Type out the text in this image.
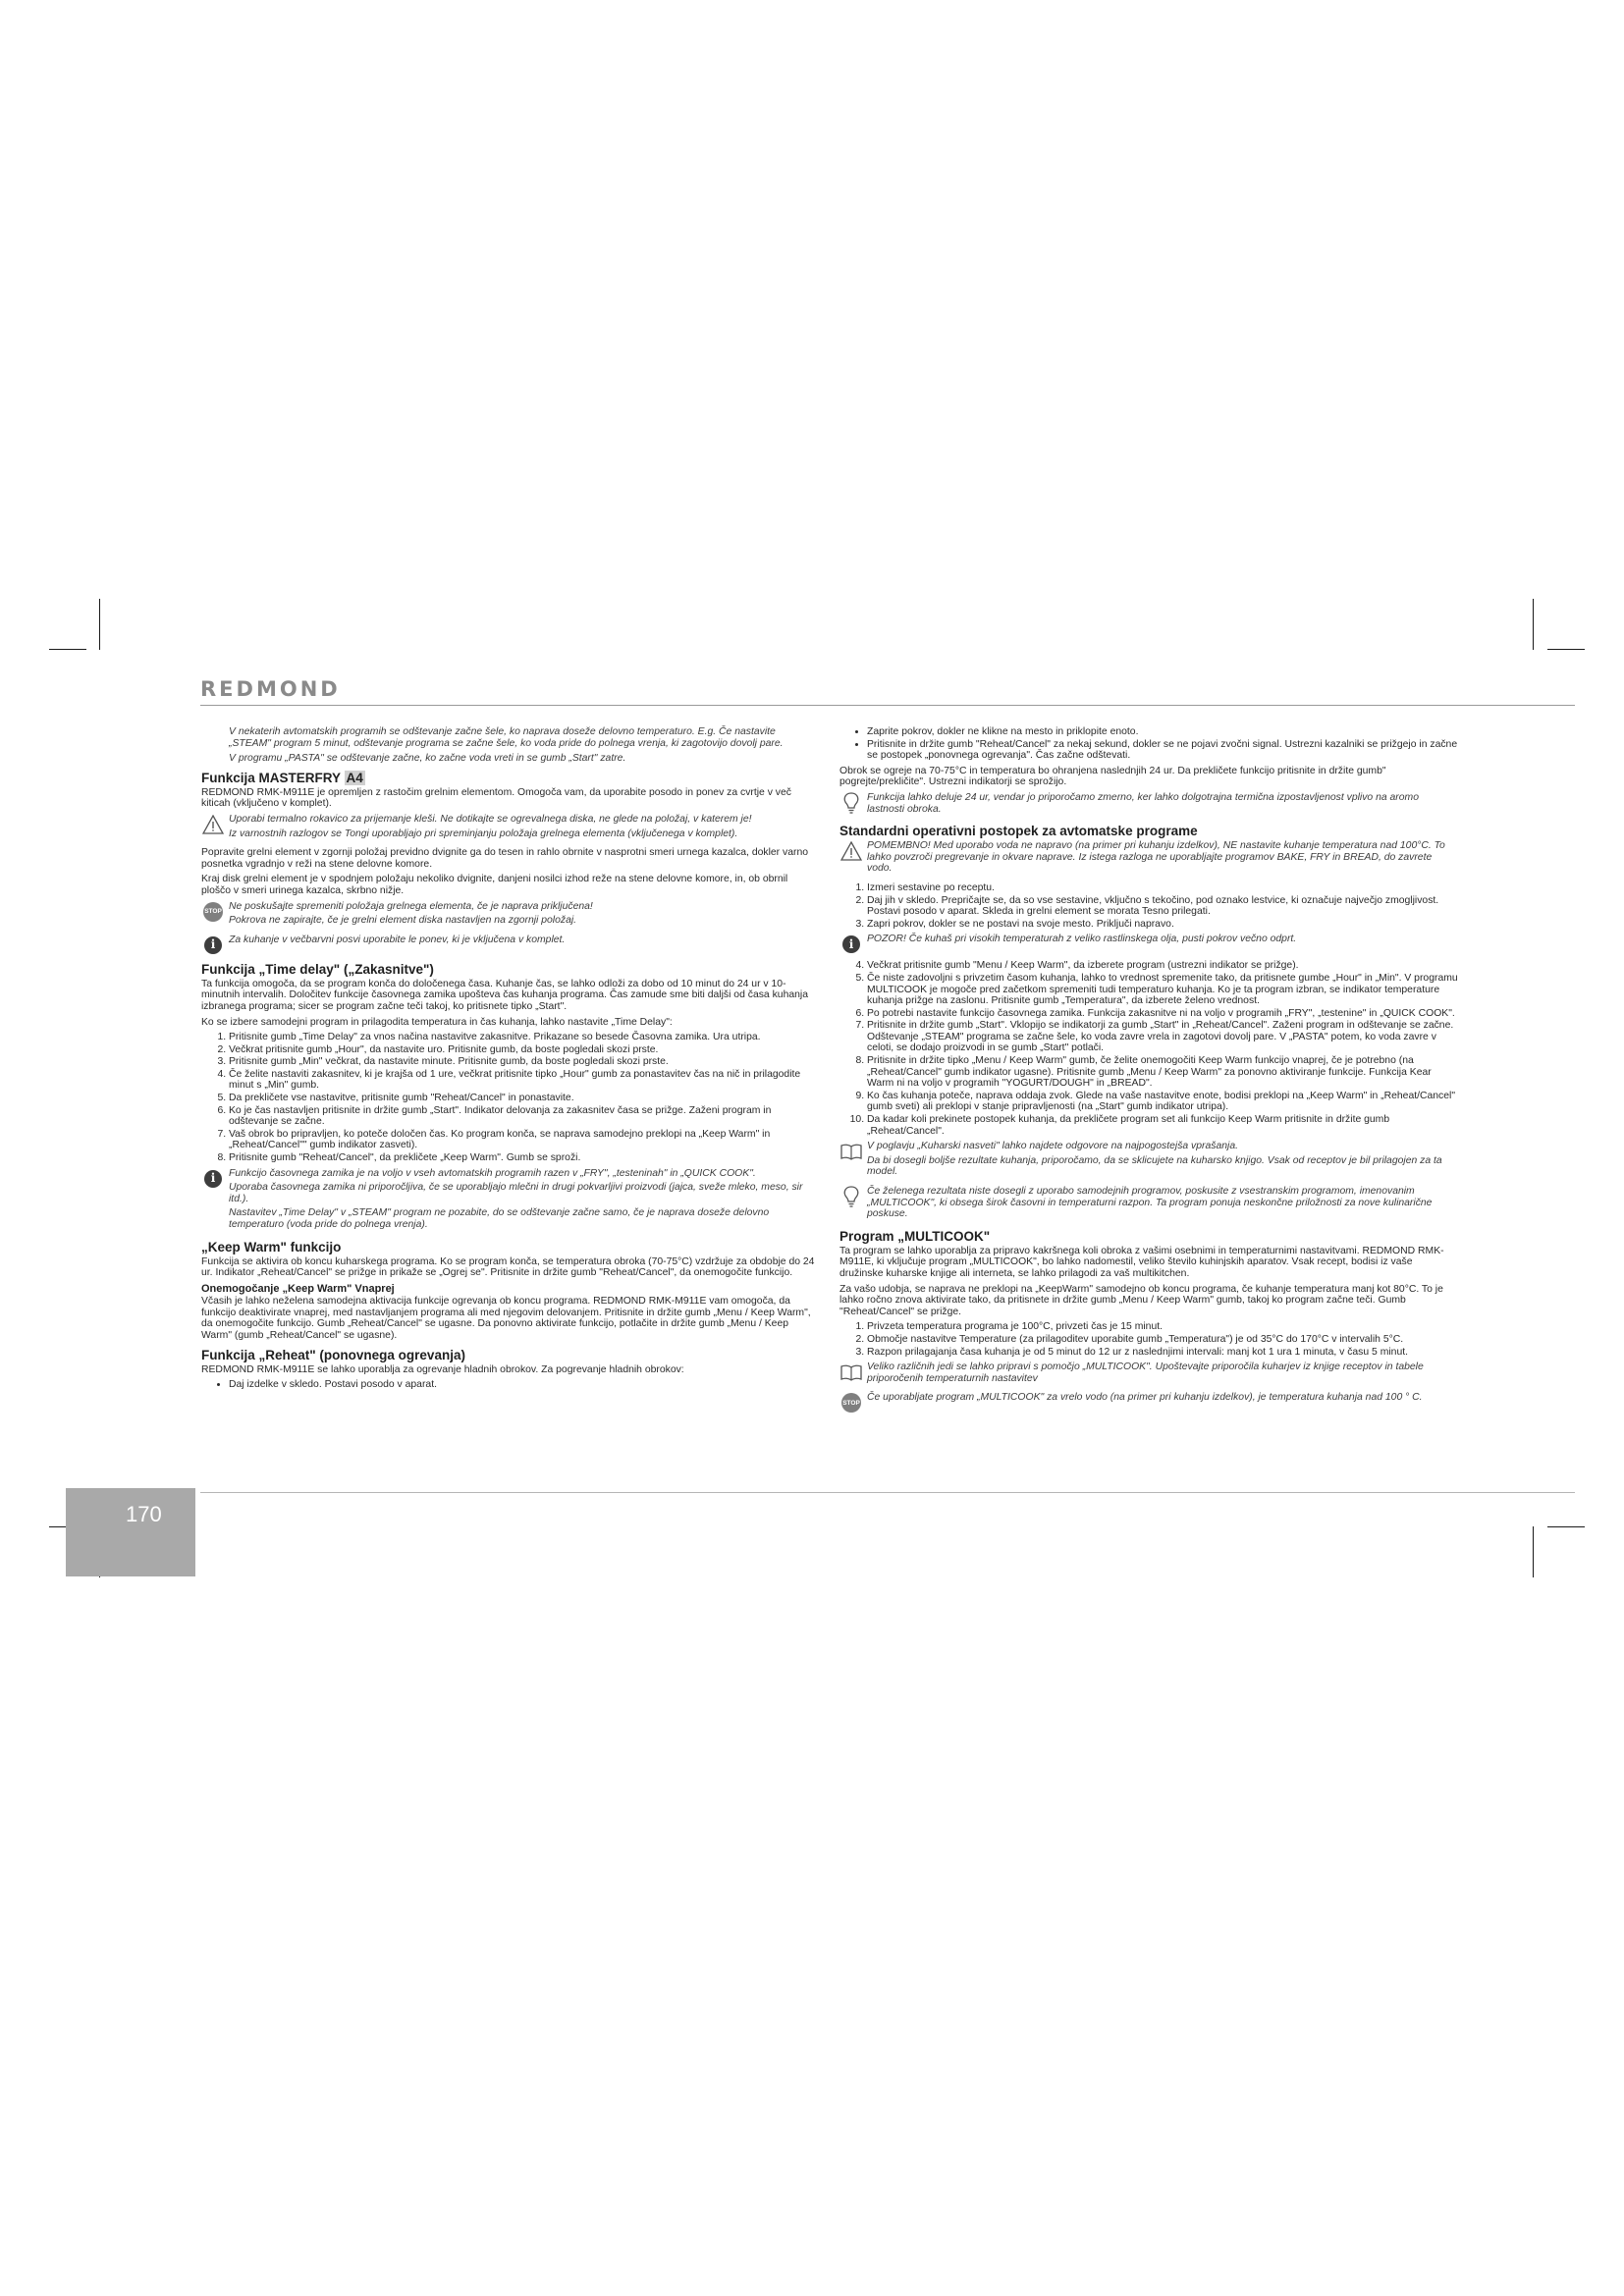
REDMOND
170

V nekaterih avtomatskih programih se odštevanje začne šele, ko naprava doseže delovno temperaturo. E.g. Če nastavite „STEAM" program 5 minut, odštevanje programa se začne šele, ko voda pride do polnega vrenja, ki zagotovijo dovolj pare.

V programu „PASTA" se odštevanje začne, ko začne voda vreti in se gumb „Start" zatre.

Funkcija MASTERFRY A4

REDMOND RMK-M911E je opremljen z rastočim grelnim elementom. Omogoča vam, da uporabite posodo in ponev za cvrtje v več kiticah (vključeno v komplet).

Uporabi termalno rokavico za prijemanje kleši. Ne dotikajte se ogrevalnega diska, ne glede na položaj, v katerem je!

Iz varnostnih razlogov se Tongi uporabljajo pri spreminjanju položaja grelnega elementa (vključenega v komplet).

Popravite grelni element v zgornji položaj previdno dvignite ga do tesen in rahlo obrnite v nasprotni smeri urnega kazalca, dokler varno posnetka vgradnjo v reži na stene delovne komore.

Kraj disk grelni element je v spodnjem položaju nekoliko dvignite, danjeni nosilci izhod reže na stene delovne komore, in, ob obrnil ploščo v smeri urinega kazalca, skrbno nižje.

STOP Ne poskušajte spremeniti položaja grelnega elementa, če je naprava priključena!

Pokrova ne zapirajte, če je grelni element diska nastavljen na zgornji položaj.

i	Za kuhanje v večbarvni posvi uporabite le ponev, ki je vključena v komplet.

Funkcija „Time delay" („Zakasnitve")

Ta funkcija omogoča, da se program konča do določenega časa. Kuhanje čas, se lahko odloži za dobo od 10 minut do 24 ur v 10-minutnih intervalih. Določitev funkcije časovnega zamika upošteva čas kuhanja programa. Čas zamude sme biti daljši od časa kuhanja izbranega programa; sicer se program začne teči takoj, ko pritisnete tipko „Start".

Ko se izbere samodejni program in prilagodita temperatura in čas kuhanja, lahko nastavite „Time Delay":

1. Pritisnite gumb „Time Delay" za vnos načina nastavitve zakasnitve. Prikazane so besede Časovna zamika. Ura utripa.
2. Večkrat pritisnite gumb „Hour", da nastavite uro. Pritisnite gumb, da boste pogledali skozi prste.
3. Pritisnite gumb „Min" večkrat, da nastavite minute. Pritisnite gumb, da boste pogledali skozi prste.
4. Če želite nastaviti zakasnitev, ki je krajša od 1 ure, večkrat pritisnite tipko „Hour" gumb za ponastavitev čas na nič in prilagodite minut s „Min" gumb.
5. Da prekličete vse nastavitve, pritisnite gumb "Reheat/Cancel" in ponastavite.
6. Ko je čas nastavljen pritisnite in držite gumb „Start". Indikator delovanja za zakasnitev časa se prižge. Zaženi program in odštevanje se začne.
7. Vaš obrok bo pripravljen, ko poteče določen čas. Ko program konča, se naprava samodejno preklopi na „Keep Warm" in „Reheat/Cancel"" gumb indikator zasveti).
8. Pritisnite gumb "Reheat/Cancel", da prekličete „Keep Warm". Gumb se sproži.
i	Funkcijo časovnega zamika je na voljo v vseh avtomatskih programih razen v „FRY", „testeninah" in „QUICK COOK".

Uporaba časovnega zamika ni priporočljiva, če se uporabljajo mlečni in drugi pokvarljivi proizvodi (jajca, sveže mleko, meso, sir itd.).

Nastavitev „Time Delay" v „STEAM" program ne pozabite, do se odštevanje začne samo, če je naprava doseže delovno temperaturo (voda pride do polnega vrenja).

„Keep Warm" funkcijo

Funkcija se aktivira ob koncu kuharskega programa. Ko se program konča, se temperatura obroka (70-75°C) vzdržuje za obdobje do 24 ur. Indikator „Reheat/Cancel" se prižge in prikaže se „Ogrej se". Pritisnite in držite gumb "Reheat/Cancel", da onemogočite funkcijo.

Onemogočanje „Keep Warm" Vnaprej

Včasih je lahko neželena samodejna aktivacija funkcije ogrevanja ob koncu programa. REDMOND RMK-M911E vam omogoča, da funkcijo deaktivirate vnaprej, med nastavljanjem programa ali med njegovim delovanjem. Pritisnite in držite gumb „Menu / Keep Warm", da onemogočite funkcijo. Gumb „Reheat/Cancel" se ugasne. Da ponovno aktivirate funkcijo, potlačite in držite gumb „Menu / Keep Warm" (gumb „Reheat/Cancel" se ugasne).

Funkcija „Reheat" (ponovnega ogrevanja)

REDMOND RMK-M911E se lahko uporablja za ogrevanje hladnih obrokov. Za pogrevanje hladnih obrokov:

• Daj izdelke v skledo. Postavi posodo v aparat.
• Zaprite pokrov, dokler ne klikne na mesto in priklopite enoto.
• Pritisnite in držite gumb "Reheat/Cancel" za nekaj sekund, dokler se ne pojavi zvočni signal. Ustrezni kazalniki se prižgejo in začne se postopek „ponovnega ogrevanja". Čas začne odštevati.

Obrok se ogreje na 70-75°C in temperatura bo ohranjena naslednjih 24 ur. Da prekličete funkcijo pritisnite in držite gumb" pogrejte/prekličite". Ustrezni indikatorji se sprožijo.

Funkcija lahko deluje 24 ur, vendar jo priporočamo zmerno, ker lahko dolgotrajna termična izpostavljenost vplivo na aromo lastnosti obroka.

Standardni operativni postopek za avtomatske programe

POMEMBNO! Med uporabo voda ne napravo (na primer pri kuhanju izdelkov), NE nastavite kuhanje temperatura nad 100°C. To lahko povzroči pregrevanje in okvare naprave. Iz istega razloga ne uporabljajte programov BAKE, FRY in BREAD, do zavrete vodo.

1. Izmeri sestavine po receptu.
2. Daj jih v skledo. Prepričajte se, da so vse sestavine, vključno s tekočino, pod oznako lestvice, ki označuje največjo zmogljivost. Postavi posodo v aparat. Skleda in grelni element se morata Tesno prilegati.
3. Zapri pokrov, dokler se ne postavi na svoje mesto. Priključi napravo.
i	POZOR! Če kuhaš pri visokih temperaturah z veliko rastlinskega olja, pusti pokrov večno odprt.

4. Večkrat pritisnite gumb "Menu / Keep Warm", da izberete program (ustrezni indikator se prižge).
5. Če niste zadovoljni s privzetim časom kuhanja, lahko to vrednost spremenite tako, da pritisnete gumbe „Hour" in „Min". V programu MULTICOOK je mogoče pred začetkom spremeniti tudi temperaturo kuhanja. Ko je ta program izbran, se indikator temperature kuhanja prižge na zaslonu. Pritisnite gumb „Temperatura", da izberete želeno vrednost.
6. Po potrebi nastavite funkcijo časovnega zamika. Funkcija zakasnitve ni na voljo v programih „FRY", „testenine" in „QUICK COOK".
7. Pritisnite in držite gumb „Start". Vklopijo se indikatorji za gumb „Start" in „Reheat/Cancel". Zaženi program in odštevanje se začne. Odštevanje „STEAM" programa se začne šele, ko voda zavre vrela in zagotovi dovolj pare. V „PASTA" potem, ko voda zavre v celoti, se dodajo proizvodi in se gumb „Start" potlači.
8. Pritisnite in držite tipko „Menu / Keep Warm" gumb, če želite onemogočiti Keep Warm funkcijo vnaprej, če je potrebno (na „Reheat/Cancel" gumb indikator ugasne). Pritisnite gumb „Menu / Keep Warm" za ponovno aktiviranje funkcije. Funkcija Kear Warm ni na voljo v programih "YOGURT/DOUGH" in „BREAD".
9. Ko čas kuhanja poteče, naprava oddaja zvok. Glede na vaše nastavitve enote, bodisi preklopi na „Keep Warm" in „Reheat/Cancel" gumb sveti) ali preklopi v stanje pripravljenosti (na „Start" gumb indikator utripa).
10. Da kadar koli prekinete postopek kuhanja, da prekličete program set ali funkcijo Keep Warm pritisnite in držite gumb „Reheat/Cancel".

V poglavju „Kuharski nasveti" lahko najdete odgovore na najpogostejša vprašanja.

Da bi dosegli boljše rezultate kuhanja, priporočamo, da se sklicujete na kuharsko knjigo. Vsak od receptov je bil prilagojen za ta model.

Če želenega rezultata niste dosegli z uporabo samodejnih programov, poskusite z vsestranskim programom, imenovanim „MULTICOOK", ki obsega širok časovni in temperaturni razpon. Ta program ponuja neskončne priložnosti za nove kulinarične poskuse.

Program „MULTICOOK"

Ta program se lahko uporablja za pripravo kakršnega koli obroka z vašimi osebnimi in temperaturnimi nastavitvami. REDMOND RMK-M911E, ki vključuje program „MULTICOOK", bo lahko nadomestil, veliko število kuhinjskih aparatov. Vsak recept, bodisi iz vaše družinske kuharske knjige ali interneta, se lahko prilagodi za vaš multikitchen.

Za vašo udobja, se naprava ne preklopi na „KeepWarm" samodejno ob koncu programa, če kuhanje temperatura manj kot 80°C. To je lahko ročno znova aktivirate tako, da pritisnete in držite gumb „Menu / Keep Warm" gumb, takoj ko program začne teči. Gumb "Reheat/Cancel" se prižge.

1. Privzeta temperatura programa je 100°C, privzeti čas je 15 minut.
2. Območje nastavitve Temperature (za prilagoditev uporabite gumb „Temperatura") je od 35°C do 170°C v intervalih 5°C.
3. Razpon prilagajanja časa kuhanja je od 5 minut do 12 ur z naslednjimi intervali: manj kot 1 ura 1 minuta, v času 5 minut.

Veliko različnih jedi se lahko pripravi s pomočjo „MULTICOOK". Upoštevajte priporočila kuharjev iz knjige receptov in tabele priporočenih temperaturnih nastavitev

STOP Če uporabljate program „MULTICOOK" za vrelo vodo (na primer pri kuhanju izdelkov), je temperatura kuhanja nad 100 ° C.
